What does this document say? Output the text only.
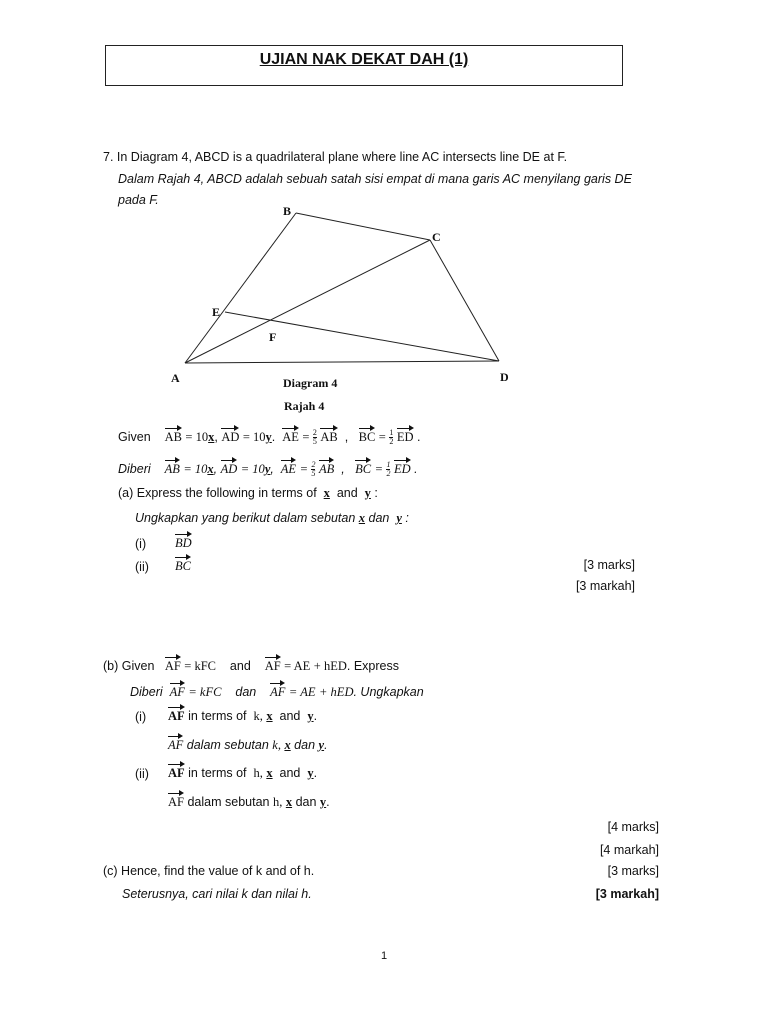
UJIAN NAK DEKAT DAH (1)
7. In Diagram 4, ABCD is a quadrilateral plane where line AC intersects line DE at F.
Dalam Rajah 4, ABCD adalah sebuah satah sisi empat di mana garis AC menyilang garis DE
pada F.
B
C
E
F
A	D
Diagram 4
Rajah 4
Given AB = 10x, AD = 10y.  AE = $\frac{2}{5}$ AB  ,   BC = $\frac{1}{2}$ ED .
Diberi AB = 10x, AD = 10y,  AE = $\frac{2}{5}$ AB  ,   BC = $\frac{1}{2}$ ED .
(a) Express the following in terms of x and y :
Ungkapkan yang berikut dalam sebutan x dan y :
(i) BD
(ii) BC	[3 marks]
[3 markah]
(b) Given AF = kFC and AF = AE + hED. Express
Diberi AF = kFC dan AF = AE + hED. Ungkapkan
(i) AF in terms of k, x and y.
AF dalam sebutan k, x dan y.
(ii) AF in terms of h, x and y.
AF dalam sebutan h, x dan y.
[4 marks]
[4 markah]
(c) Hence, find the value of k and of h.	[3 marks]
Seterusnya, cari nilai k dan nilai h.	[3 markah]
1
